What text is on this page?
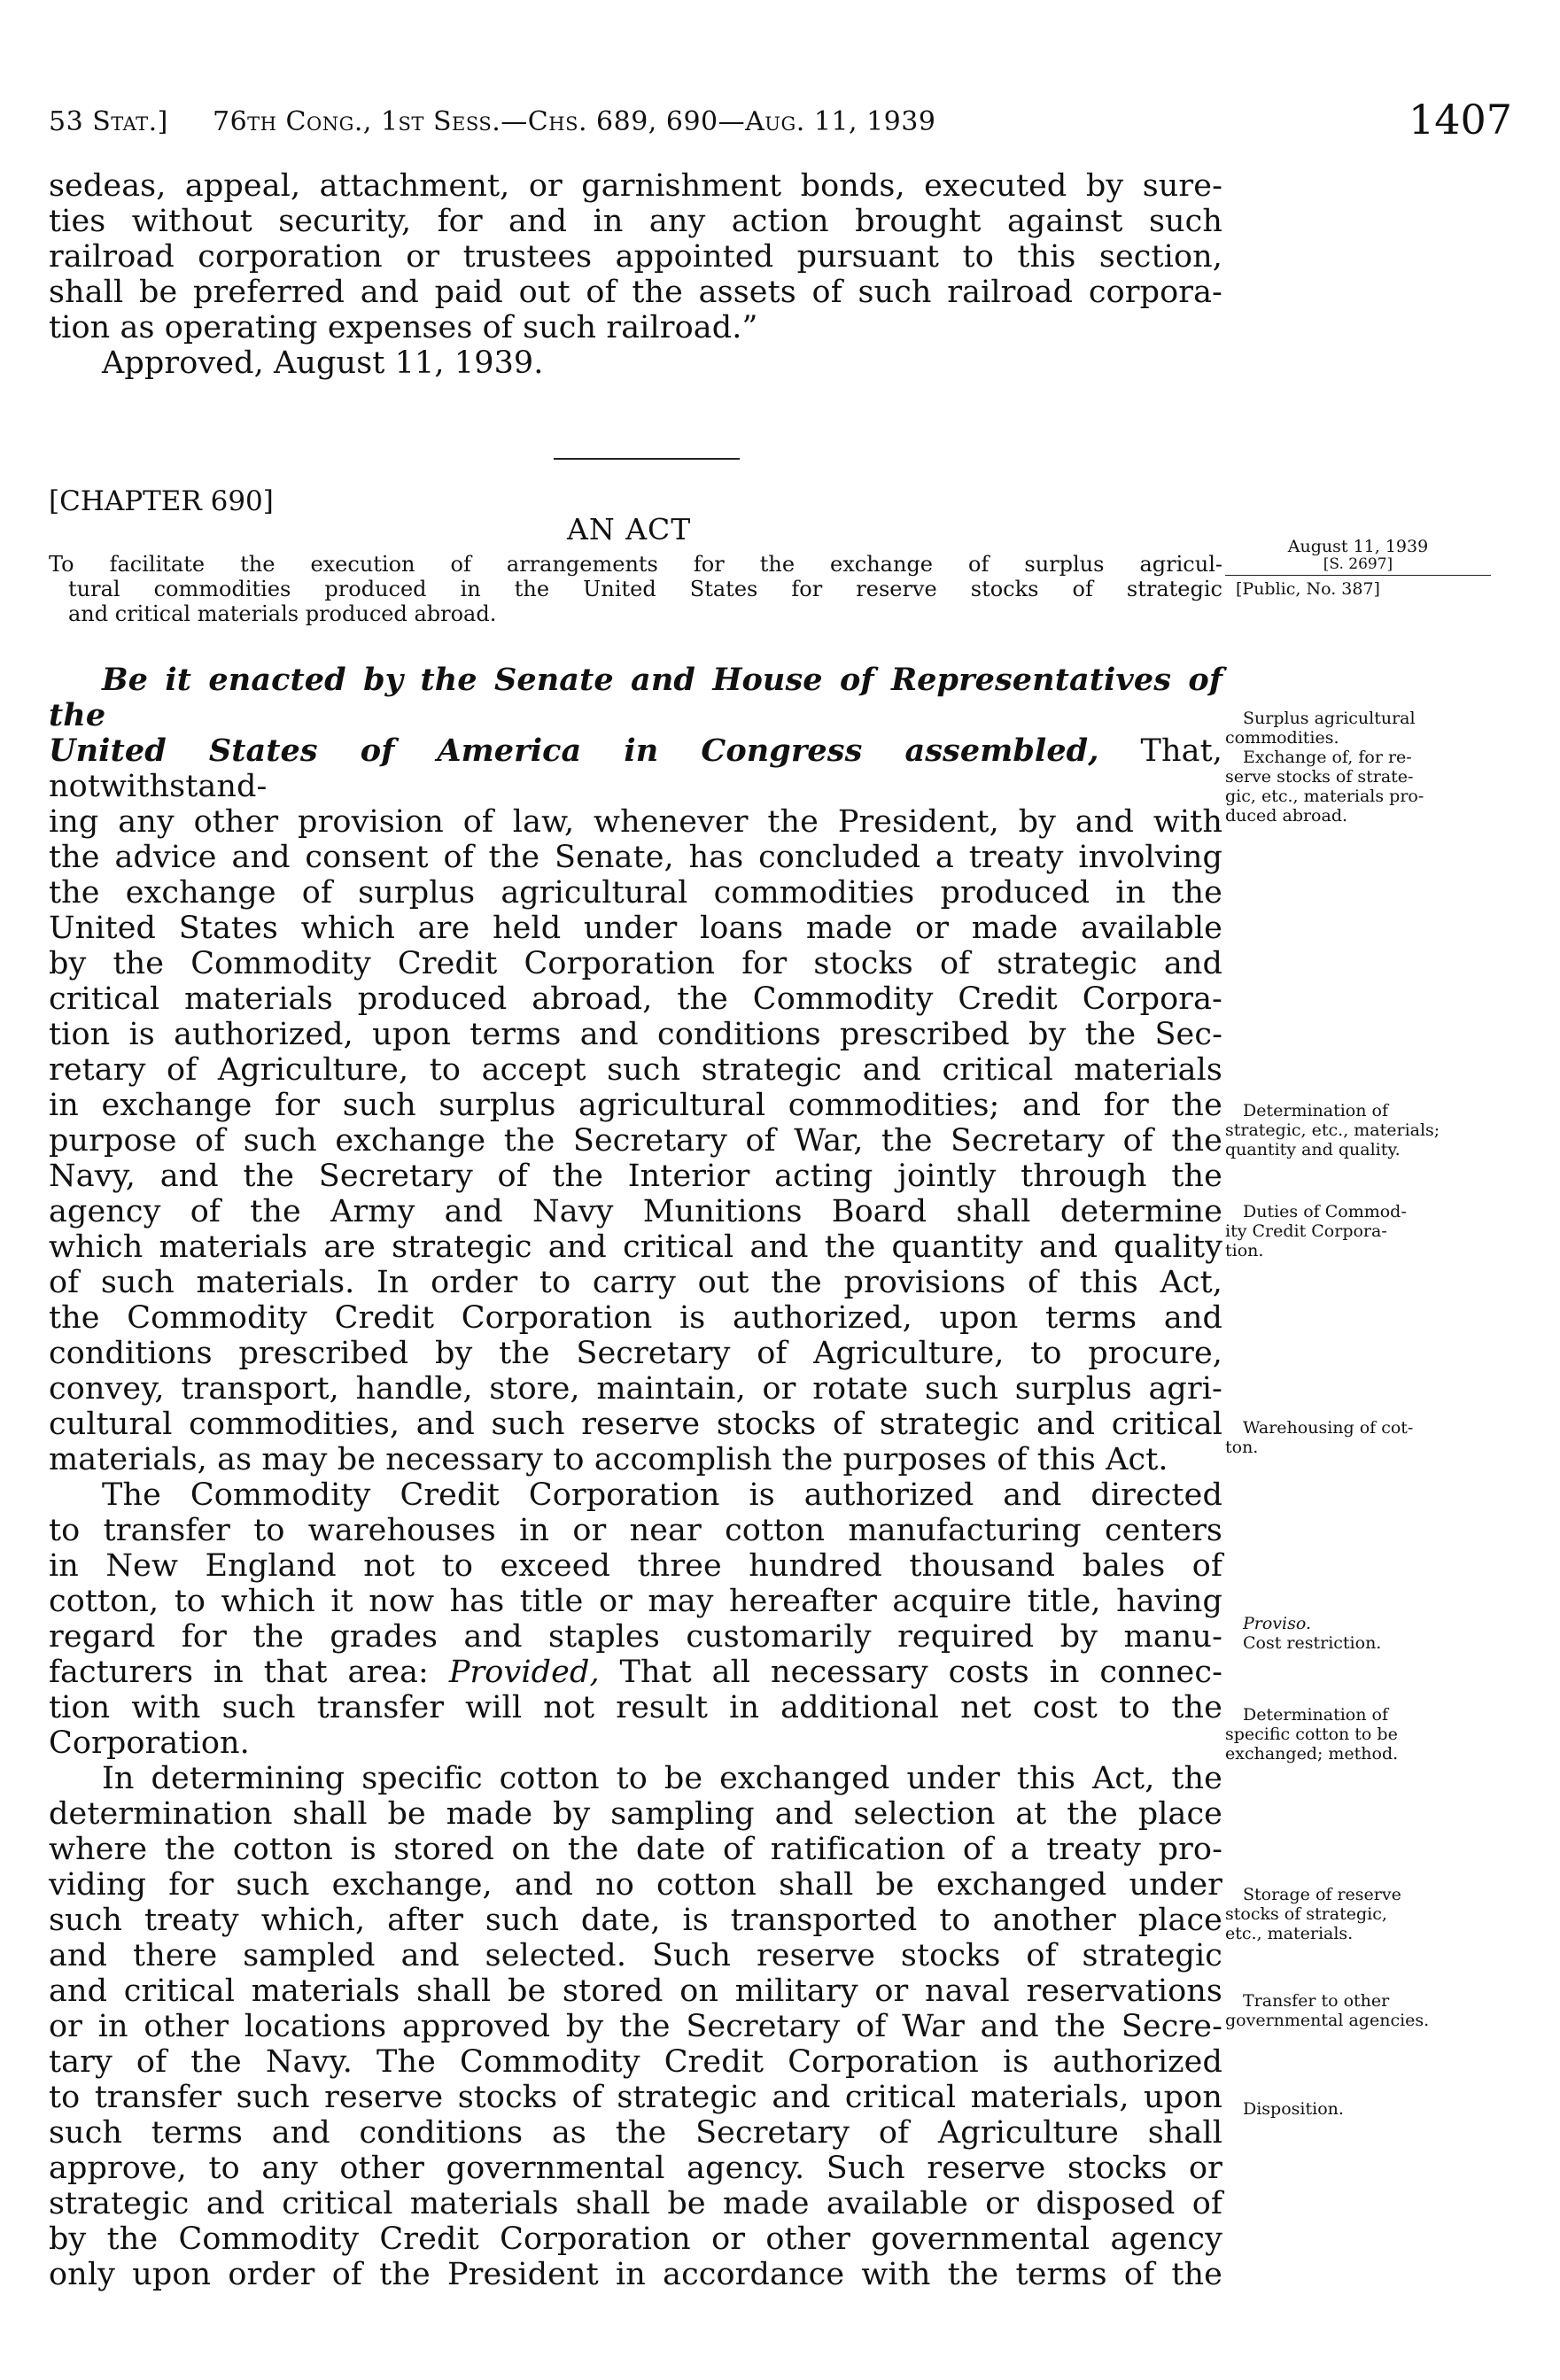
53 Stat.] 76th Cong., 1st Sess.—Chs. 689, 690—Aug. 11, 1939	1407
sedeas, appeal, attachment, or garnishment bonds, executed by sure-
ties without security, for and in any action brought against such
railroad corporation or trustees appointed pursuant to this section,
shall be preferred and paid out of the assets of such railroad corpora-
tion as operating expenses of such railroad.”
Approved, August 11, 1939.
[CHAPTER 690]
AN ACT
To facilitate the execution of arrangements for the exchange of surplus agricul-
tural commodities produced in the United States for reserve stocks of strategic
and critical materials produced abroad.
August 11, 1939
[S. 2697]
[Public, No. 387]
Be it enacted by the Senate and House of Representatives of the
United States of America in Congress assembled, That, notwithstand-
ing any other provision of law, whenever the President, by and with
the advice and consent of the Senate, has concluded a treaty involving
the exchange of surplus agricultural commodities produced in the
United States which are held under loans made or made available
by the Commodity Credit Corporation for stocks of strategic and
critical materials produced abroad, the Commodity Credit Corpora-
tion is authorized, upon terms and conditions prescribed by the Sec-
retary of Agriculture, to accept such strategic and critical materials
in exchange for such surplus agricultural commodities; and for the
purpose of such exchange the Secretary of War, the Secretary of the
Navy, and the Secretary of the Interior acting jointly through the
agency of the Army and Navy Munitions Board shall determine
which materials are strategic and critical and the quantity and quality
of such materials. In order to carry out the provisions of this Act,
the Commodity Credit Corporation is authorized, upon terms and
conditions prescribed by the Secretary of Agriculture, to procure,
convey, transport, handle, store, maintain, or rotate such surplus agri-
cultural commodities, and such reserve stocks of strategic and critical
materials, as may be necessary to accomplish the purposes of this Act.
The Commodity Credit Corporation is authorized and directed
to transfer to warehouses in or near cotton manufacturing centers
in New England not to exceed three hundred thousand bales of
cotton, to which it now has title or may hereafter acquire title, having
regard for the grades and staples customarily required by manu-
facturers in that area: Provided, That all necessary costs in connec-
tion with such transfer will not result in additional net cost to the
Corporation.
In determining specific cotton to be exchanged under this Act, the
determination shall be made by sampling and selection at the place
where the cotton is stored on the date of ratification of a treaty pro-
viding for such exchange, and no cotton shall be exchanged under
such treaty which, after such date, is transported to another place
and there sampled and selected. Such reserve stocks of strategic
and critical materials shall be stored on military or naval reservations
or in other locations approved by the Secretary of War and the Secre-
tary of the Navy. The Commodity Credit Corporation is authorized
to transfer such reserve stocks of strategic and critical materials, upon
such terms and conditions as the Secretary of Agriculture shall
approve, to any other governmental agency. Such reserve stocks or
strategic and critical materials shall be made available or disposed of
by the Commodity Credit Corporation or other governmental agency
only upon order of the President in accordance with the terms of the
Surplus agricultural
commodities.
Exchange of, for re-
serve stocks of strate-
gic, etc., materials pro-
duced abroad.
Determination of
strategic, etc., materials;
quantity and quality.
Duties of Commod-
ity Credit Corpora-
tion.
Warehousing of cot-
ton.
Proviso.
Cost restriction.
Determination of
specific cotton to be
exchanged; method.
Storage of reserve
stocks of strategic,
etc., materials.
Transfer to other
governmental agencies.
Disposition.
